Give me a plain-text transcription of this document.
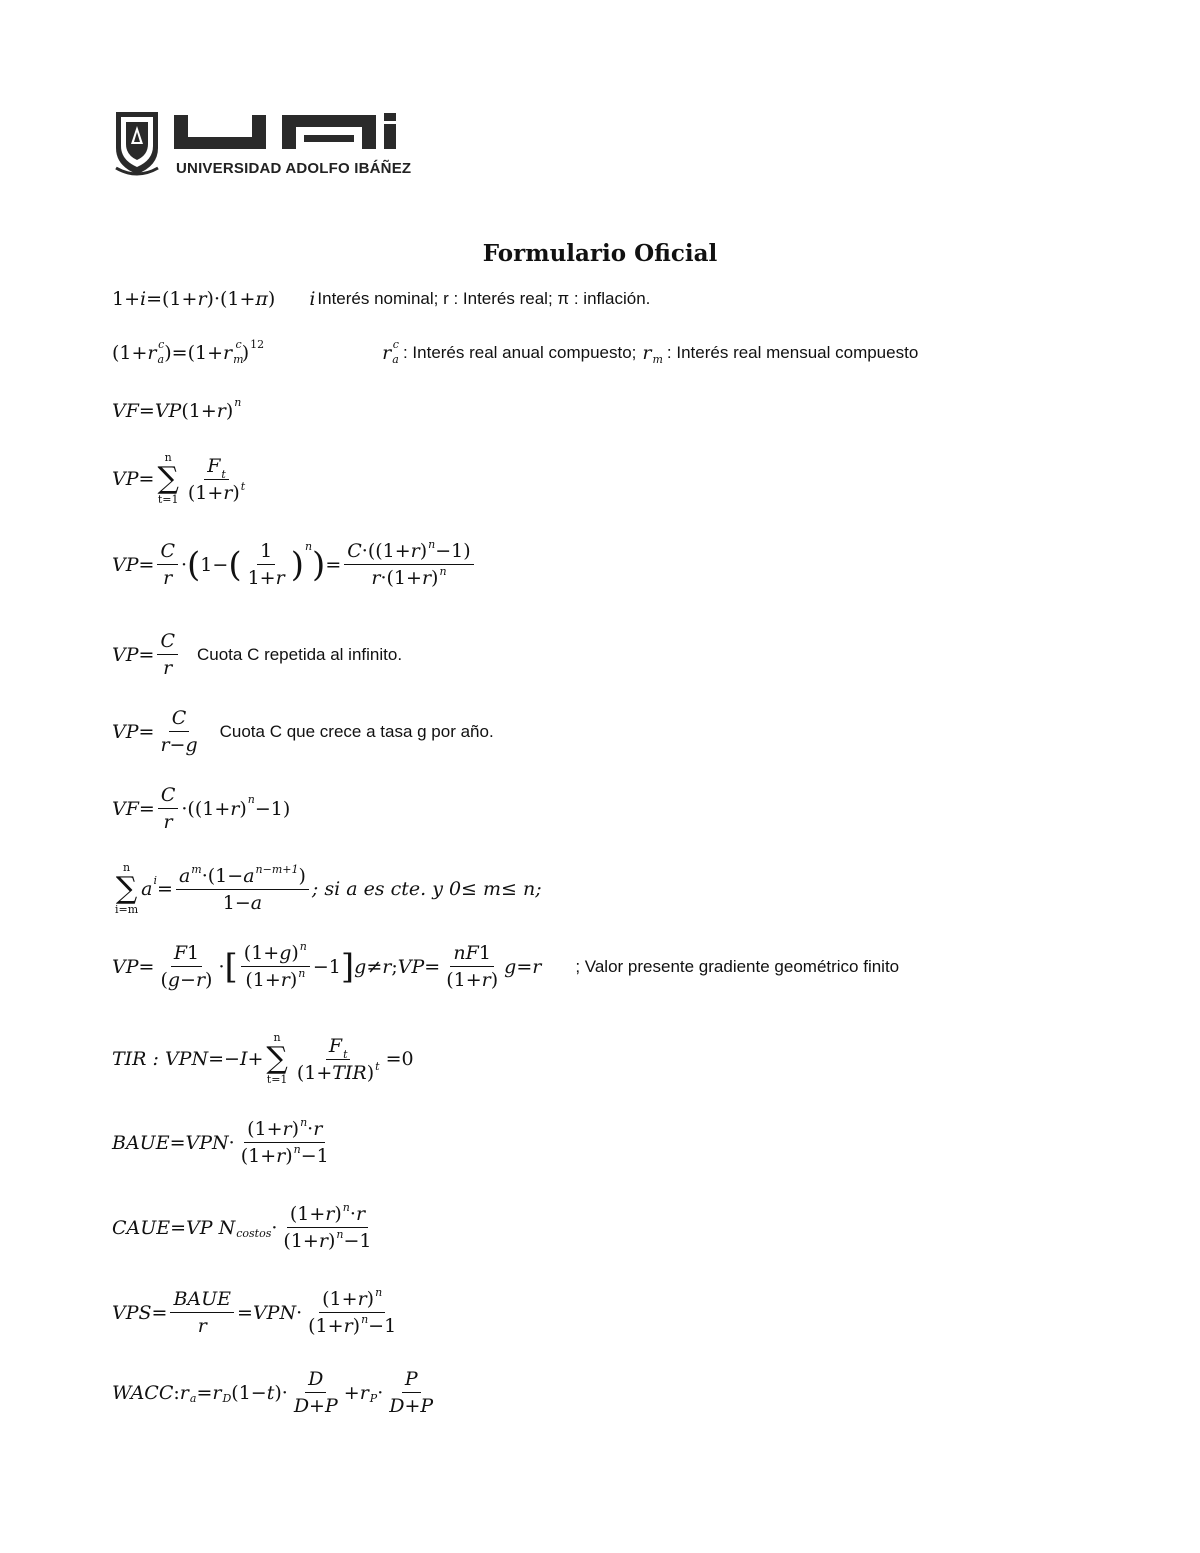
UNIVERSIDAD ADOLFO IBÁÑEZ
Formulario Oficial
1+ i =(1+ r )·(1+ π ) i Interés nominal; r : Interés real; π : inflación.
(1+ r a
c )=(1+ r m
c ) 12	r a
c : Interés real anual compuesto; r m : Interés real mensual compuesto
VF = VP (1+ r ) n
VP =
n
∑
$t=1 \frac{F_t}{(1+r)^t}$
VP = $\frac{C}{r}$ · ( 1− ( $\frac{1}{1+r}$ ) n ) = $\frac{C\cdot((1+r)^n-1)}{r\cdot(1+r)^n}$
VP = $\frac{C}{r}$ Cuota C repetida al infinito.
VP = $\frac{C}{r-g}$ Cuota C que crece a tasa g por año.
VF = $\frac{C}{r} \cdot((1+ r$ ) n −1)
n
∑
i=m
a $i = \frac{a^m\cdot(1-a^{n-m+1})}{1-a}$ ; si a es cte. y 0≤ m≤ n;
VP = $\frac{F1}{(g-r)}$ · [ $\frac{(1+g)^n}{(1+r)^n} -1$ ] g ≠ r ; VP = $\frac{nF1}{(1+r)}$ g = r ; Valor presente gradiente geométrico finito
TIR : VPN =− I +
n
∑
$t=1 \frac{F_t}{(1+TIR)^t} =0$
BAUE = VPN · $\frac{(1+r)^n\cdot r}{(1+r)^n-1}$
CAUE = VP N costos · $\frac{(1+r)^n\cdot r}{(1+r)^n-1}$
VPS = $\frac{\text{BAUE}}{r}$ = VPN · $\frac{(1+r)^n}{(1+r)^n-1}$
WACC : r a = r D (1− t )· $\frac{D}{D+P} + r$ $P \cdot \frac{P}{D+P}$
